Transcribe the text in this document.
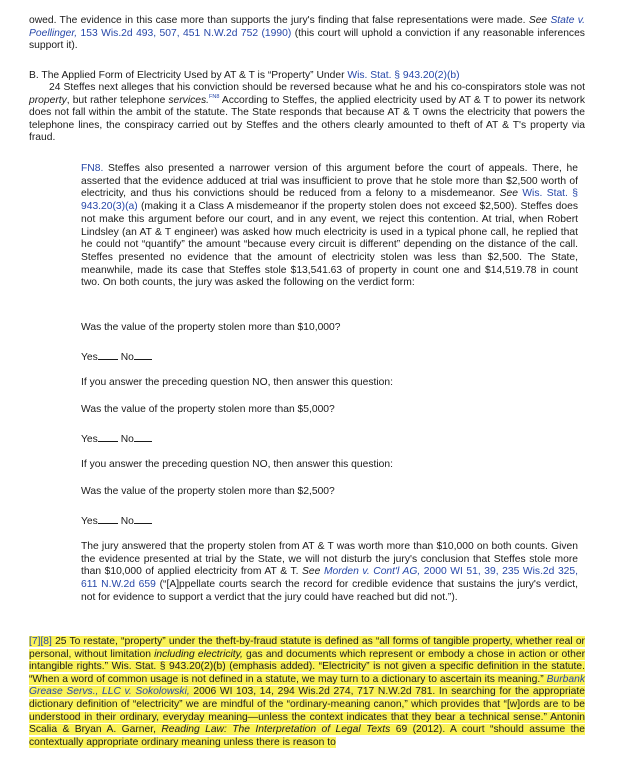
owed. The evidence in this case more than supports the jury's finding that false representations were made. See State v. Poellinger, 153 Wis.2d 493, 507, 451 N.W.2d 752 (1990) (this court will uphold a conviction if any reasonable inferences support it).

B. The Applied Form of Electricity Used by AT & T is “Property” Under Wis. Stat. § 943.20(2)(b)

24 Steffes next alleges that his conviction should be reversed because what he and his co-conspirators stole was not property, but rather telephone services.$^{FN8}$ According to Steffes, the applied electricity used by AT & T to power its network does not fall within the ambit of the statute. The State responds that because AT & T owns the electricity that powers the telephone lines, the conspiracy carried out by Steffes and the others clearly amounted to theft of AT & T's property via fraud.

FN8. Steffes also presented a narrower version of this argument before the court of appeals. There, he asserted that the evidence adduced at trial was insufficient to prove that he stole more than $2,500 worth of electricity, and thus his convictions should be reduced from a felony to a misdemeanor. See Wis. Stat. § 943.20(3)(a) (making it a Class A misdemeanor if the property stolen does not exceed $2,500). Steffes does not make this argument before our court, and in any event, we reject this contention. At trial, when Robert Lindsley (an AT & T engineer) was asked how much electricity is used in a typical phone call, he replied that he could not “quantify” the amount “because every circuit is different” depending on the distance of the call. Steffes presented no evidence that the amount of electricity stolen was less than $2,500. The State, meanwhile, made its case that Steffes stole $13,541.63 of property in count one and $14,519.78 in count two. On both counts, the jury was asked the following on the verdict form:

Was the value of the property stolen more than $10,000?

Yes No

If you answer the preceding question NO, then answer this question:

Was the value of the property stolen more than $5,000?

Yes No

If you answer the preceding question NO, then answer this question:

Was the value of the property stolen more than $2,500?

Yes No

The jury answered that the property stolen from AT & T was worth more than $10,000 on both counts. Given the evidence presented at trial by the State, we will not disturb the jury's conclusion that Steffes stole more than $10,000 of applied electricity from AT & T. See Morden v. Cont'l AG, 2000 WI 51, 39, 235 Wis.2d 325, 611 N.W.2d 659 (“[A]ppellate courts search the record for credible evidence that sustains the jury's verdict, not for evidence to support a verdict that the jury could have reached but did not.”).

[7][8] 25 To restate, “property” under the theft-by-fraud statute is defined as “all forms of tangible property, whether real or personal, without limitation including electricity, gas and documents which represent or embody a chose in action or other intangible rights.” Wis. Stat. § 943.20(2)(b) (emphasis added). “Electricity” is not given a specific definition in the statute. “When a word of common usage is not defined in a statute, we may turn to a dictionary to ascertain its meaning.” Burbank Grease Servs., LLC v. Sokolowski, 2006 WI 103, 14, 294 Wis.2d 274, 717 N.W.2d 781. In searching for the appropriate dictionary definition of “electricity” we are mindful of the “ordinary-meaning canon,” which provides that “[w]ords are to be understood in their ordinary, everyday meaning—unless the context indicates that they bear a technical sense.” Antonin Scalia & Bryan A. Garner, Reading Law: The Interpretation of Legal Texts 69 (2012). A court “should assume the contextually appropriate ordinary meaning unless there is reason to
